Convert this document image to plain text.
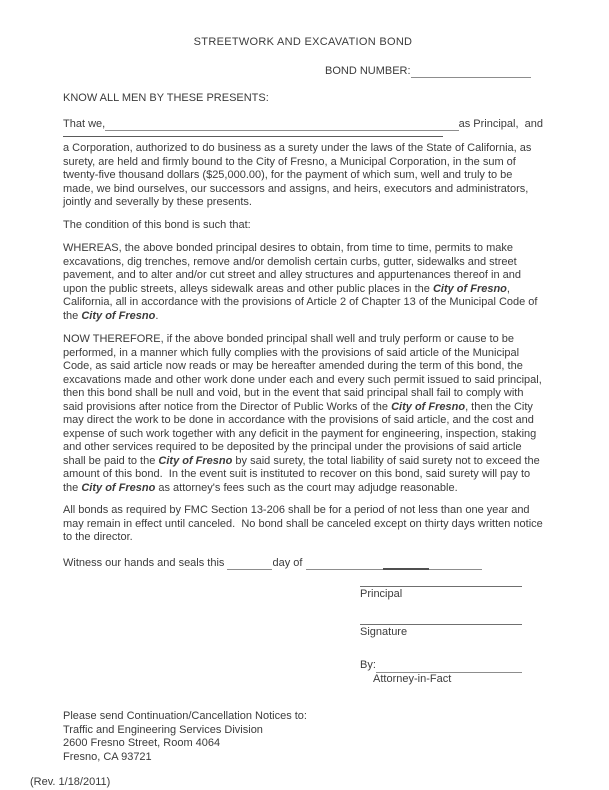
STREETWORK AND EXCAVATION BOND
BOND NUMBER:
KNOW ALL MEN BY THESE PRESENTS:
That we,	as Principal,  and
a Corporation, authorized to do business as a surety under the laws of the State of California, as surety, are held and firmly bound to the City of Fresno, a Municipal Corporation, in the sum of twenty-five thousand dollars ($25,000.00), for the payment of which sum, well and truly to be made, we bind ourselves, our successors and assigns, and heirs, executors and administrators, jointly and severally by these presents.
The condition of this bond is such that:
WHEREAS, the above bonded principal desires to obtain, from time to time, permits to make excavations, dig trenches, remove and/or demolish certain curbs, gutter, sidewalks and street pavement, and to alter and/or cut street and alley structures and appurtenances thereof in and upon the public streets, alleys sidewalk areas and other public places in the City of Fresno, California, all in accordance with the provisions of Article 2 of Chapter 13 of the Municipal Code of the City of Fresno.
NOW THEREFORE, if the above bonded principal shall well and truly perform or cause to be performed, in a manner which fully complies with the provisions of said article of the Municipal Code, as said article now reads or may be hereafter amended during the term of this bond, the excavations made and other work done under each and every such permit issued to said principal, then this bond shall be null and void, but in the event that said principal shall fail to comply with said provisions after notice from the Director of Public Works of the City of Fresno, then the City may direct the work to be done in accordance with the provisions of said article, and the cost and expense of such work together with any deficit in the payment for engineering, inspection, staking and other services required to be deposited by the principal under the provisions of said article shall be paid to the City of Fresno by said surety, the total liability of said surety not to exceed the amount of this bond.  In the event suit is instituted to recover on this bond, said surety will pay to the City of Fresno as attorney's fees such as the court may adjudge reasonable.
All bonds as required by FMC Section 13-206 shall be for a period of not less than one year and may remain in effect until canceled.  No bond shall be canceled except on thirty days written notice to the director.
Witness our hands and seals this
	day of

Principal
Signature
By:
Attorney-in-Fact
Please send Continuation/Cancellation Notices to:
Traffic and Engineering Services Division
2600 Fresno Street, Room 4064
Fresno, CA 93721
(Rev. 1/18/2011)
